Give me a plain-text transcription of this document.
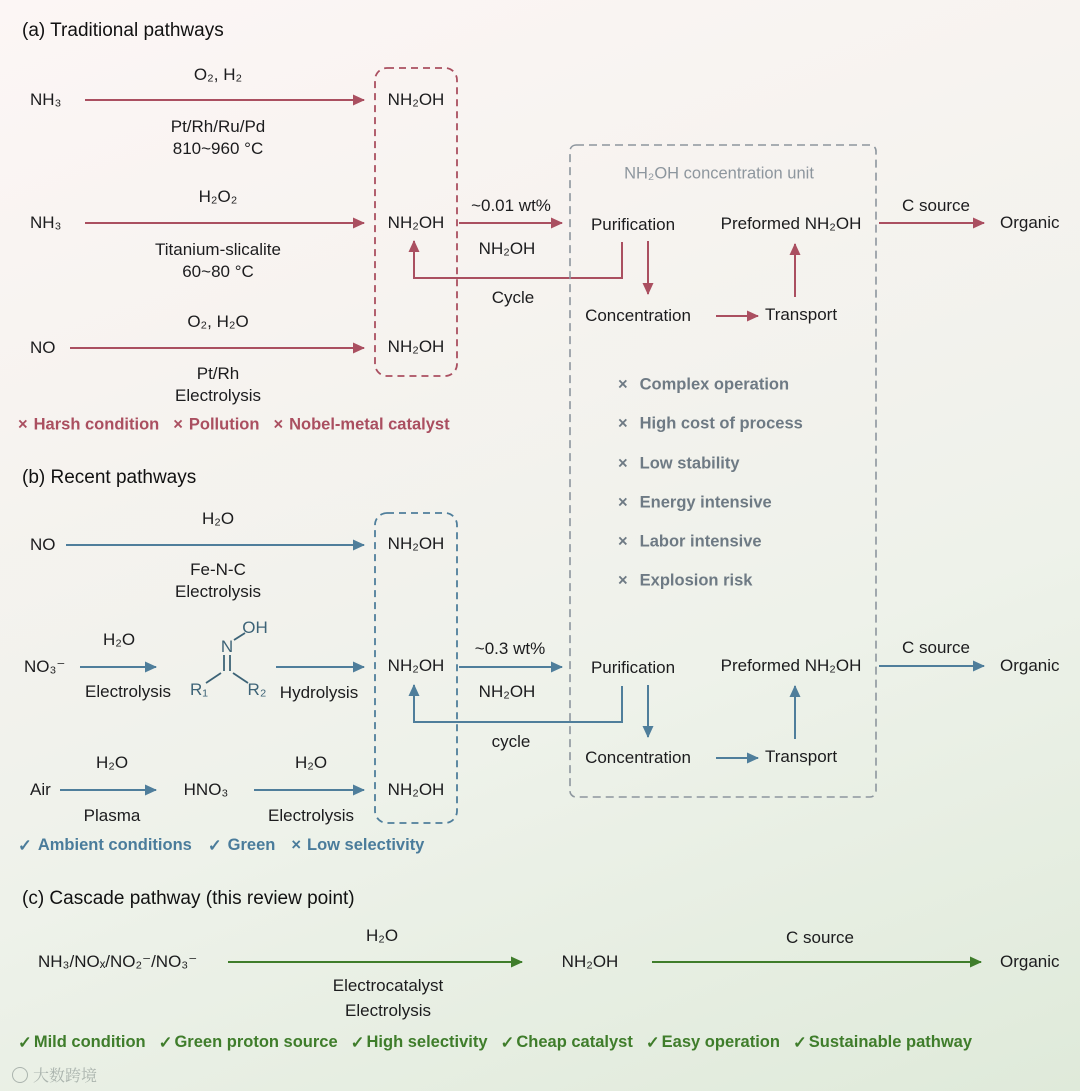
(a) Traditional pathways
NH₃
O₂, H₂
Pt/Rh/Ru/Pd
810~960 °C
NH₂OH
NH₃
H₂O₂
Titanium-slicalite
60~80 °C
NH₂OH
NO
O₂, H₂O
Pt/Rh
Electrolysis
NH₂OH
~0.01 wt%
NH₂OH
Cycle
NH₂OH concentration unit
Purification
Concentration	Transport
Preformed NH₂OH
C source
Organic
× Complex operation
× High cost of process
× Low stability
× Energy intensive
× Labor intensive
× Explosion risk
× Harsh condition × Pollution × Nobel-metal catalyst
(b) Recent pathways
NO
H₂O
Fe-N-C
Electrolysis
NH₂OH
NO₃⁻
H₂O
Electrolysis
N
OH
R₁ R₂ Hydrolysis
NH₂OH
Air
H₂O
Plasma
HNO₃
H₂O
Electrolysis
NH₂OH
~0.3 wt%
NH₂OH
cycle
Purification
Concentration	Transport
Preformed NH₂OH
C source
Organic
✓ Ambient conditions ✓ Green × Low selectivity
(c) Cascade pathway (this review point)
NH₃/NOₓ/NO₂⁻/NO₃⁻
H₂O
Electrocatalyst
Electrolysis
NH₂OH
C source
Organic
✓ Mild condition ✓ Green proton source ✓ High selectivity ✓ Cheap catalyst ✓ Easy operation ✓ Sustainable pathway
大数跨境
